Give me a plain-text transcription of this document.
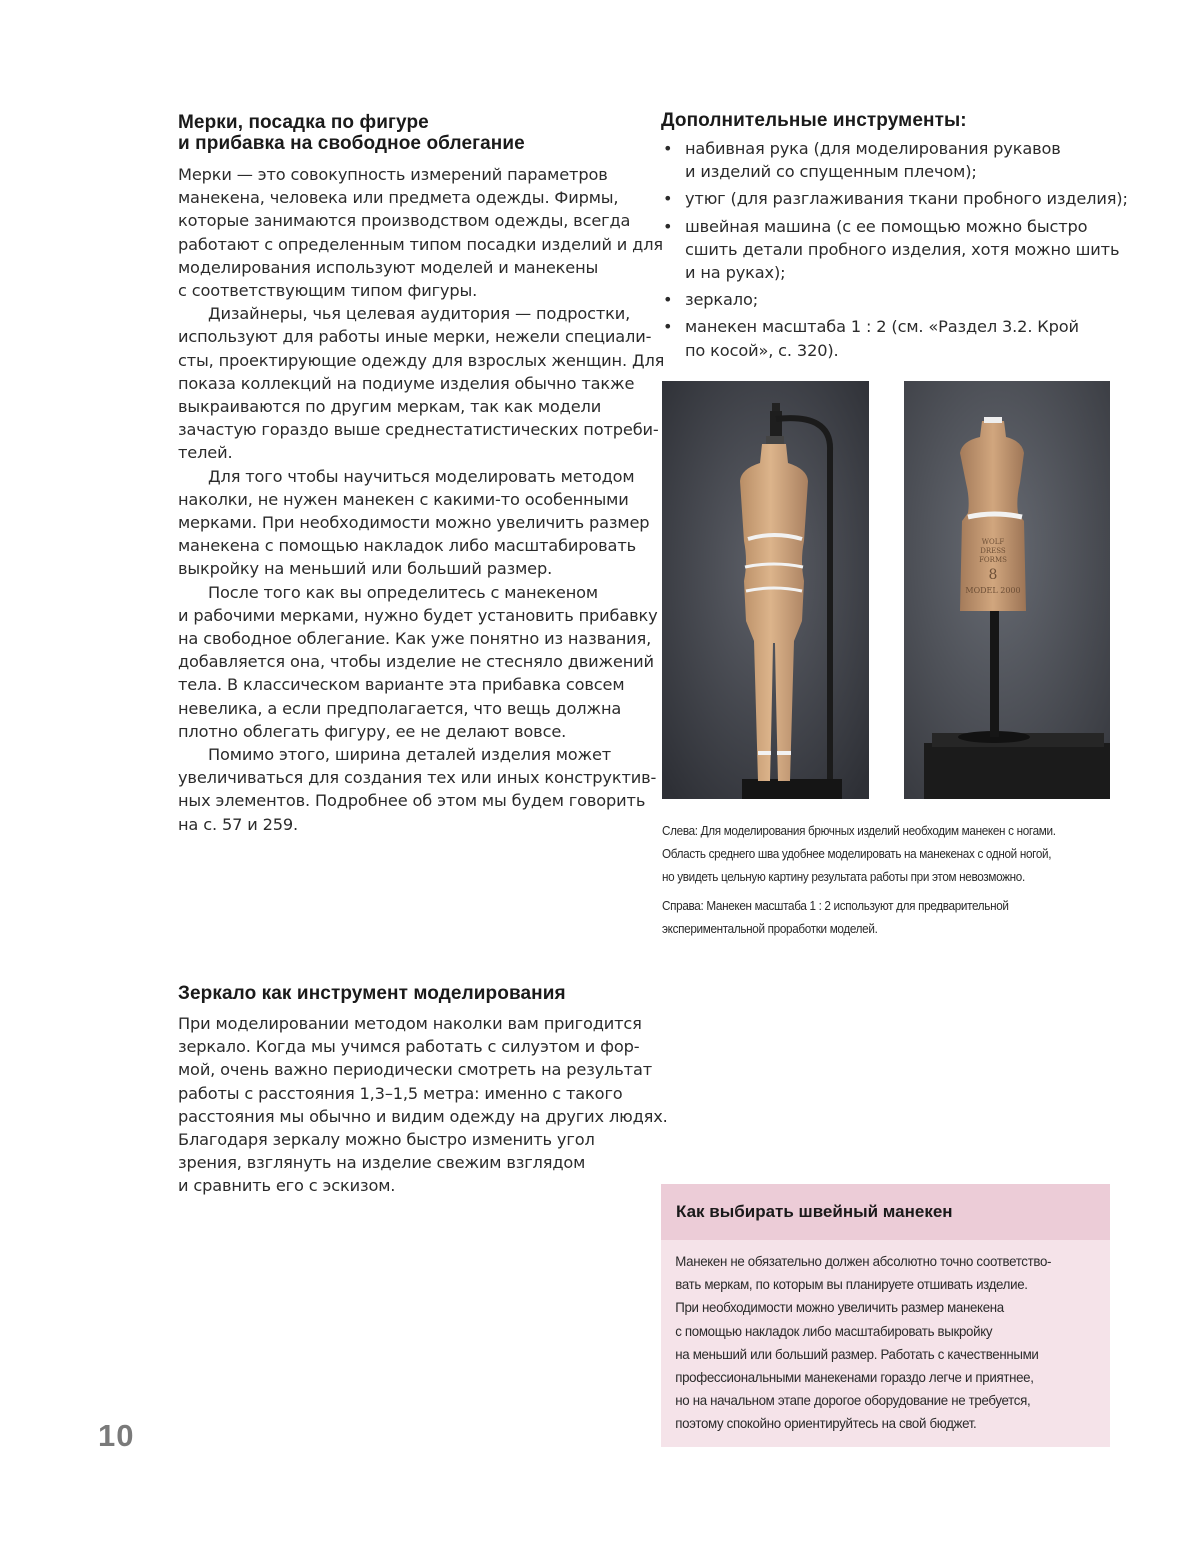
Мерки, посадка по фигуре
и прибавка на свободное облегание

Мерки — это совокупность измерений параметров
манекена, человека или предмета одежды. Фирмы,
которые занимаются производством одежды, всегда
работают с определенным типом посадки изделий и для
моделирования используют моделей и манекены
с соответствующим типом фигуры.

Дизайнеры, чья целевая аудитория — подростки,
используют для работы иные мерки, нежели специали-
сты, проектирующие одежду для взрослых женщин. Для
показа коллекций на подиуме изделия обычно также
выкраиваются по другим меркам, так как модели
зачастую гораздо выше среднестатистических потреби-
телей.

Для того чтобы научиться моделировать методом
наколки, не нужен манекен с какими-то особенными
мерками. При необходимости можно увеличить размер
манекена с помощью накладок либо масштабировать
выкройку на меньший или больший размер.

После того как вы определитесь с манекеном
и рабочими мерками, нужно будет установить прибавку
на свободное облегание. Как уже понятно из названия,
добавляется она, чтобы изделие не стесняло движений
тела. В классическом варианте эта прибавка совсем
невелика, а если предполагается, что вещь должна
плотно облегать фигуру, ее не делают вовсе.

Помимо этого, ширина деталей изделия может
увеличиваться для создания тех или иных конструктив-
ных элементов. Подробнее об этом мы будем говорить
на с. 57 и 259.

Дополнительные инструменты:
• набивная рука (для моделирования рукавов
и изделий со спущенным плечом);
• утюг (для разглаживания ткани пробного изделия);
• швейная машина (с ее помощью можно быстро
сшить детали пробного изделия, хотя можно шить
и на руках);
• зеркало;
• манекен масштаба 1 : 2 (см. «Раздел 3.2. Крой
по косой», с. 320).
WOLF
DRESS
FORMS
8
MODEL 2000
Слева: Для моделирования брючных изделий необходим манекен с ногами.
Область среднего шва удобнее моделировать на манекенах с одной ногой,
но увидеть цельную картину результата работы при этом невозможно.
Справа: Манекен масштаба 1 : 2 используют для предварительной
экспериментальной проработки моделей.
Зеркало как инструмент моделирования

При моделировании методом наколки вам пригодится
зеркало. Когда мы учимся работать с силуэтом и фор-
мой, очень важно периодически смотреть на результат
работы с расстояния 1,3–1,5 метра: именно с такого
расстояния мы обычно и видим одежду на других людях.
Благодаря зеркалу можно быстро изменить угол
зрения, взглянуть на изделие свежим взглядом
и сравнить его с эскизом.

Как выбирать швейный манекен
Манекен не обязательно должен абсолютно точно соответство-
вать меркам, по которым вы планируете отшивать изделие.
При необходимости можно увеличить размер манекена
с помощью накладок либо масштабировать выкройку
на меньший или больший размер. Работать с качественными
профессиональными манекенами гораздо легче и приятнее,
но на начальном этапе дорогое оборудование не требуется,
поэтому спокойно ориентируйтесь на свой бюджет.
10
